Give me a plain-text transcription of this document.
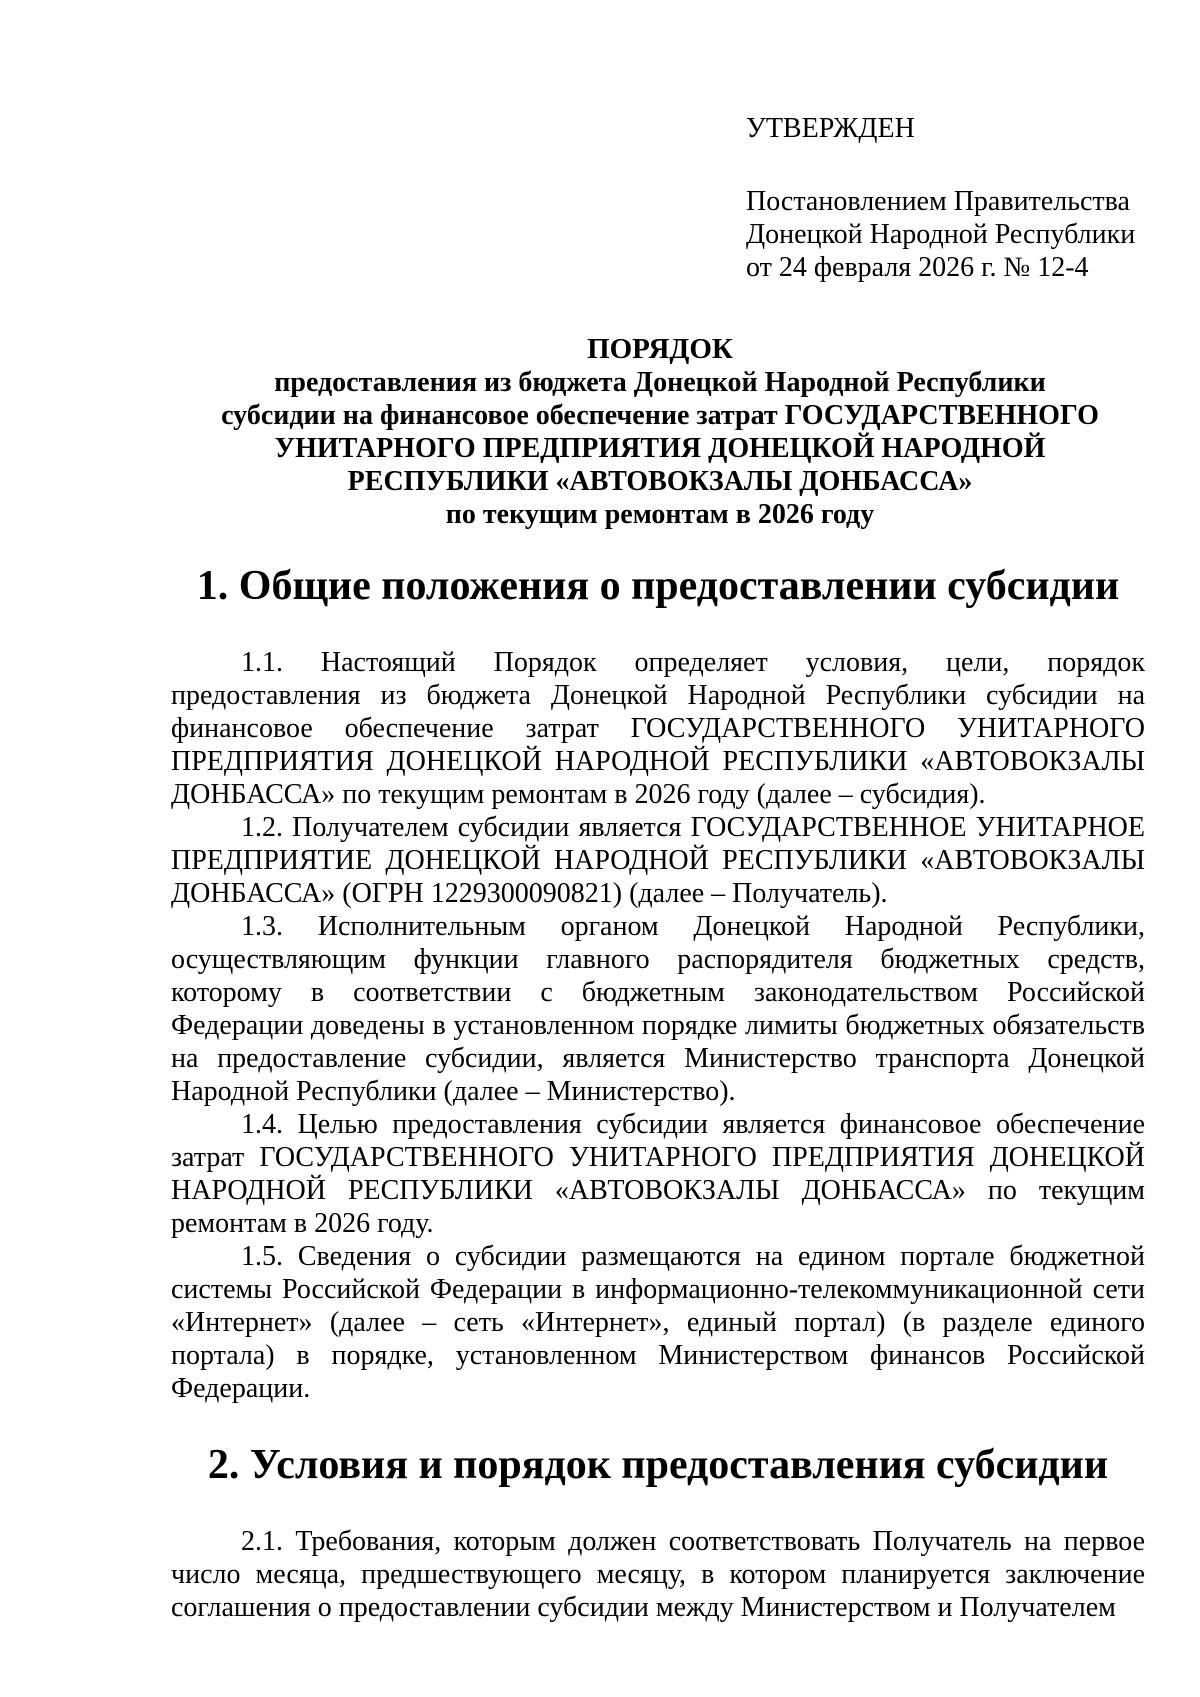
УТВЕРЖДЕН
Постановлением Правительства
Донецкой Народной Республики
от 24 февраля 2026 г. № 12-4
ПОРЯДОК
предоставления из бюджета Донецкой Народной Республики
субсидии на финансовое обеспечение затрат ГОСУДАРСТВЕННОГО
УНИТАРНОГО ПРЕДПРИЯТИЯ ДОНЕЦКОЙ НАРОДНОЙ
РЕСПУБЛИКИ «АВТОВОКЗАЛЫ ДОНБАССА»
по текущим ремонтам в 2026 году
1. Общие положения о предоставлении субсидии

1.1. Настоящий Порядок определяет условия, цели, порядок предоставления из бюджета Донецкой Народной Республики субсидии на финансовое обеспечение затрат ГОСУДАРСТВЕННОГО УНИТАРНОГО ПРЕДПРИЯТИЯ ДОНЕЦКОЙ НАРОДНОЙ РЕСПУБЛИКИ «АВТОВОКЗАЛЫ ДОНБАССА» по текущим ремонтам в 2026 году (далее – субсидия).

1.2. Получателем субсидии является ГОСУДАРСТВЕННОЕ УНИТАРНОЕ ПРЕДПРИЯТИЕ ДОНЕЦКОЙ НАРОДНОЙ РЕСПУБЛИКИ «АВТОВОКЗАЛЫ ДОНБАССА» (ОГРН 1229300090821) (далее – Получатель).

1.3. Исполнительным органом Донецкой Народной Республики, осуществляющим функции главного распорядителя бюджетных средств, которому в соответствии с бюджетным законодательством Российской Федерации доведены в установленном порядке лимиты бюджетных обязательств на предоставление субсидии, является Министерство транспорта Донецкой Народной Республики (далее – Министерство).

1.4. Целью предоставления субсидии является финансовое обеспечение затрат ГОСУДАРСТВЕННОГО УНИТАРНОГО ПРЕДПРИЯТИЯ ДОНЕЦКОЙ НАРОДНОЙ РЕСПУБЛИКИ «АВТОВОКЗАЛЫ ДОНБАССА» по текущим ремонтам в 2026 году.

1.5. Сведения о субсидии размещаются на едином портале бюджетной системы Российской Федерации в информационно-телекоммуникационной сети «Интернет» (далее – сеть «Интернет», единый портал) (в разделе единого портала) в порядке, установленном Министерством финансов Российской Федерации.

2. Условия и порядок предоставления субсидии

2.1. Требования, которым должен соответствовать Получатель на первое число месяца, предшествующего месяцу, в котором планируется заключение соглашения о предоставлении субсидии между Министерством и Получателем
